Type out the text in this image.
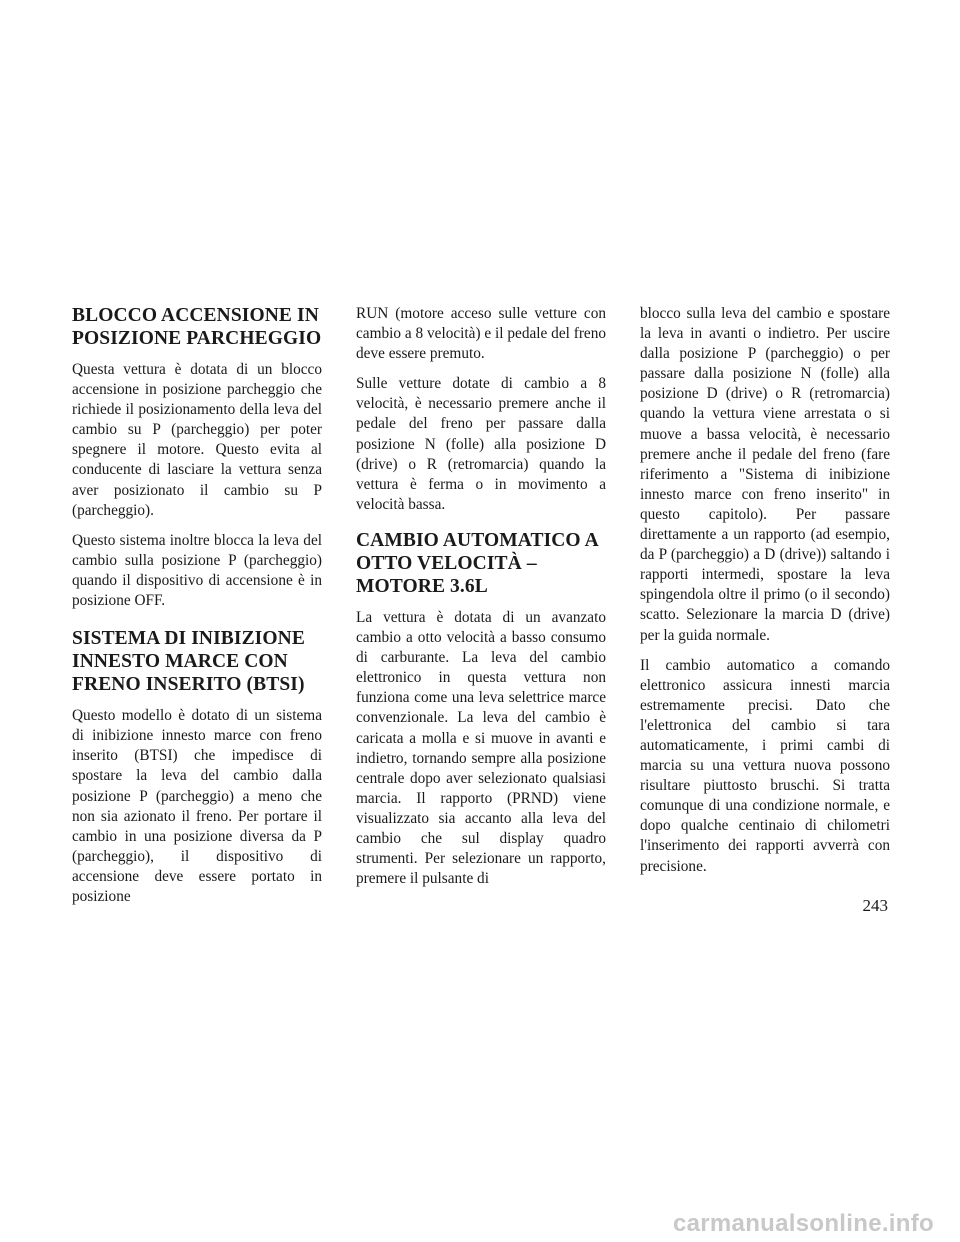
BLOCCO ACCENSIONE IN POSIZIONE PARCHEGGIO

Questa vettura è dotata di un blocco accensione in posizione parcheggio che richiede il posizionamento della leva del cambio su P (parcheggio) per poter spegnere il motore. Questo evita al conducente di lasciare la vettura senza aver posizionato il cambio su P (parcheggio).

Questo sistema inoltre blocca la leva del cambio sulla posizione P (parcheggio) quando il dispositivo di accensione è in posizione OFF.

SISTEMA DI INIBIZIONE INNESTO MARCE CON FRENO INSERITO (BTSI)

Questo modello è dotato di un sistema di inibizione innesto marce con freno inserito (BTSI) che impedisce di spostare la leva del cambio dalla posizione P (parcheggio) a meno che non sia azionato il freno. Per portare il cambio in una posizione diversa da P (parcheggio), il dispositivo di accensione deve essere portato in posizione

RUN (motore acceso sulle vetture con cambio a 8 velocità) e il pedale del freno deve essere premuto.

Sulle vetture dotate di cambio a 8 velocità, è necessario premere anche il pedale del freno per passare dalla posizione N (folle) alla posizione D (drive) o R (retromarcia) quando la vettura è ferma o in movimento a velocità bassa.

CAMBIO AUTOMATICO A OTTO VELOCITÀ – MOTORE 3.6L

La vettura è dotata di un avanzato cambio a otto velocità a basso consumo di carburante. La leva del cambio elettronico in questa vettura non funziona come una leva selettrice marce convenzionale. La leva del cambio è caricata a molla e si muove in avanti e indietro, tornando sempre alla posizione centrale dopo aver selezionato qualsiasi marcia. Il rapporto (PRND) viene visualizzato sia accanto alla leva del cambio che sul display quadro strumenti. Per selezionare un rapporto, premere il pulsante di

blocco sulla leva del cambio e spostare la leva in avanti o indietro. Per uscire dalla posizione P (parcheggio) o per passare dalla posizione N (folle) alla posizione D (drive) o R (retromarcia) quando la vettura viene arrestata o si muove a bassa velocità, è necessario premere anche il pedale del freno (fare riferimento a "Sistema di inibizione innesto marce con freno inserito" in questo capitolo). Per passare direttamente a un rapporto (ad esempio, da P (parcheggio) a D (drive)) saltando i rapporti intermedi, spostare la leva spingendola oltre il primo (o il secondo) scatto. Selezionare la marcia D (drive) per la guida normale.

Il cambio automatico a comando elettronico assicura innesti marcia estremamente precisi. Dato che l'elettronica del cambio si tara automaticamente, i primi cambi di marcia su una vettura nuova possono risultare piuttosto bruschi. Si tratta comunque di una condizione normale, e dopo qualche centinaio di chilometri l'inserimento dei rapporti avverrà con precisione.

243
carmanualsonline.info
